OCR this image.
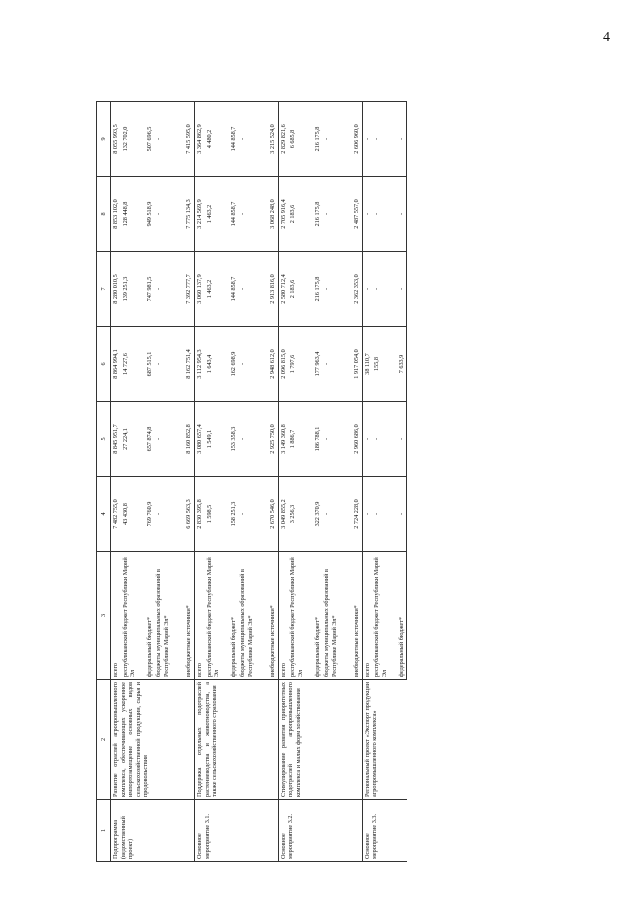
4
1	2	3	4	5	6	7	8	9
Подпрограмма (ведомственный проект)	Развитие отраслей агропромышленного комплекса, обеспечивающих ускоренное импортозамещение основных видов сельскохозяйственной продукции, сырья и продовольствия	всего	7 482 755,0	8 845 951,7	8 864 994,1	8 280 010,5	8 853 102,0	8 055 993,5
		республиканский бюджет Республики Марий Эл	43 430,8	27 224,1	14 727,6	139 251,3	128 448,8	132 702,0
		федеральный бюджет*	769 760,9	657 874,8	687 515,1	747 981,5	949 518,9	507 696,5
		бюджеты муниципальных образований в Республике Марий Эл*	-	-	-	-	-	-
		внебюджетные источники*	6 669 563,3	8 160 852,8	8 162 751,4	7 392 777,7	7 775 134,3	7 415 595,0
Основное мероприятие 3.1.	Поддержка отдельных подотраслей растениеводства и животноводства, а также сельскохозяйственного страхования	всего	2 830 395,8	3 080 657,4	3 112 954,3	3 060 137,9	3 214 569,9	3 364 862,9
		республиканский бюджет Республики Марий Эл	1 598,5	1 549,1	1 643,4	1 463,2	1 463,2	4 480,2
		федеральный бюджет*	158 251,3	153 358,3	162 698,9	144 858,7	144 858,7	144 858,7
		бюджеты муниципальных образований в Республике Марий Эл*	-	-	-	-	-	-
		внебюджетные источники*	2 670 546,0	2 925 750,0	2 948 612,0	2 913 816,0	3 068 248,0	3 215 524,0
Основное мероприятие 3.2.	Стимулирование развития приоритетных подотраслей агропромышленного комплекса и малых форм хозяйствования	всего	3 049 855,2	3 149 360,8	2 096 815,0	2 580 712,4	2 705 916,4	2 829 821,6
		республиканский бюджет Республики Марий Эл	3 256,3	1 886,7	1 797,6	2 183,6	2 183,6	6 685,8
		федеральный бюджет*	322 370,9	186 788,1	177 963,4	216 175,8	216 175,8	216 175,8
		бюджеты муниципальных образований в Республике Марий Эл*	-	-	-	-	-	-
		внебюджетные источники*	2 724 228,0	2 960 686,0	1 917 054,0	2 362 353,0	2 487 557,0	2 606 960,0
Основное мероприятие 3.3.	Региональный проект «Экспорт продукции агропромышленного комплекса»	всего	-	-	38 110,7	-	-	-
		республиканский бюджет Республики Марий Эл	-	-	155,8	-	-	-
		федеральный бюджет*	-	-	7 633,9	-	-	-
